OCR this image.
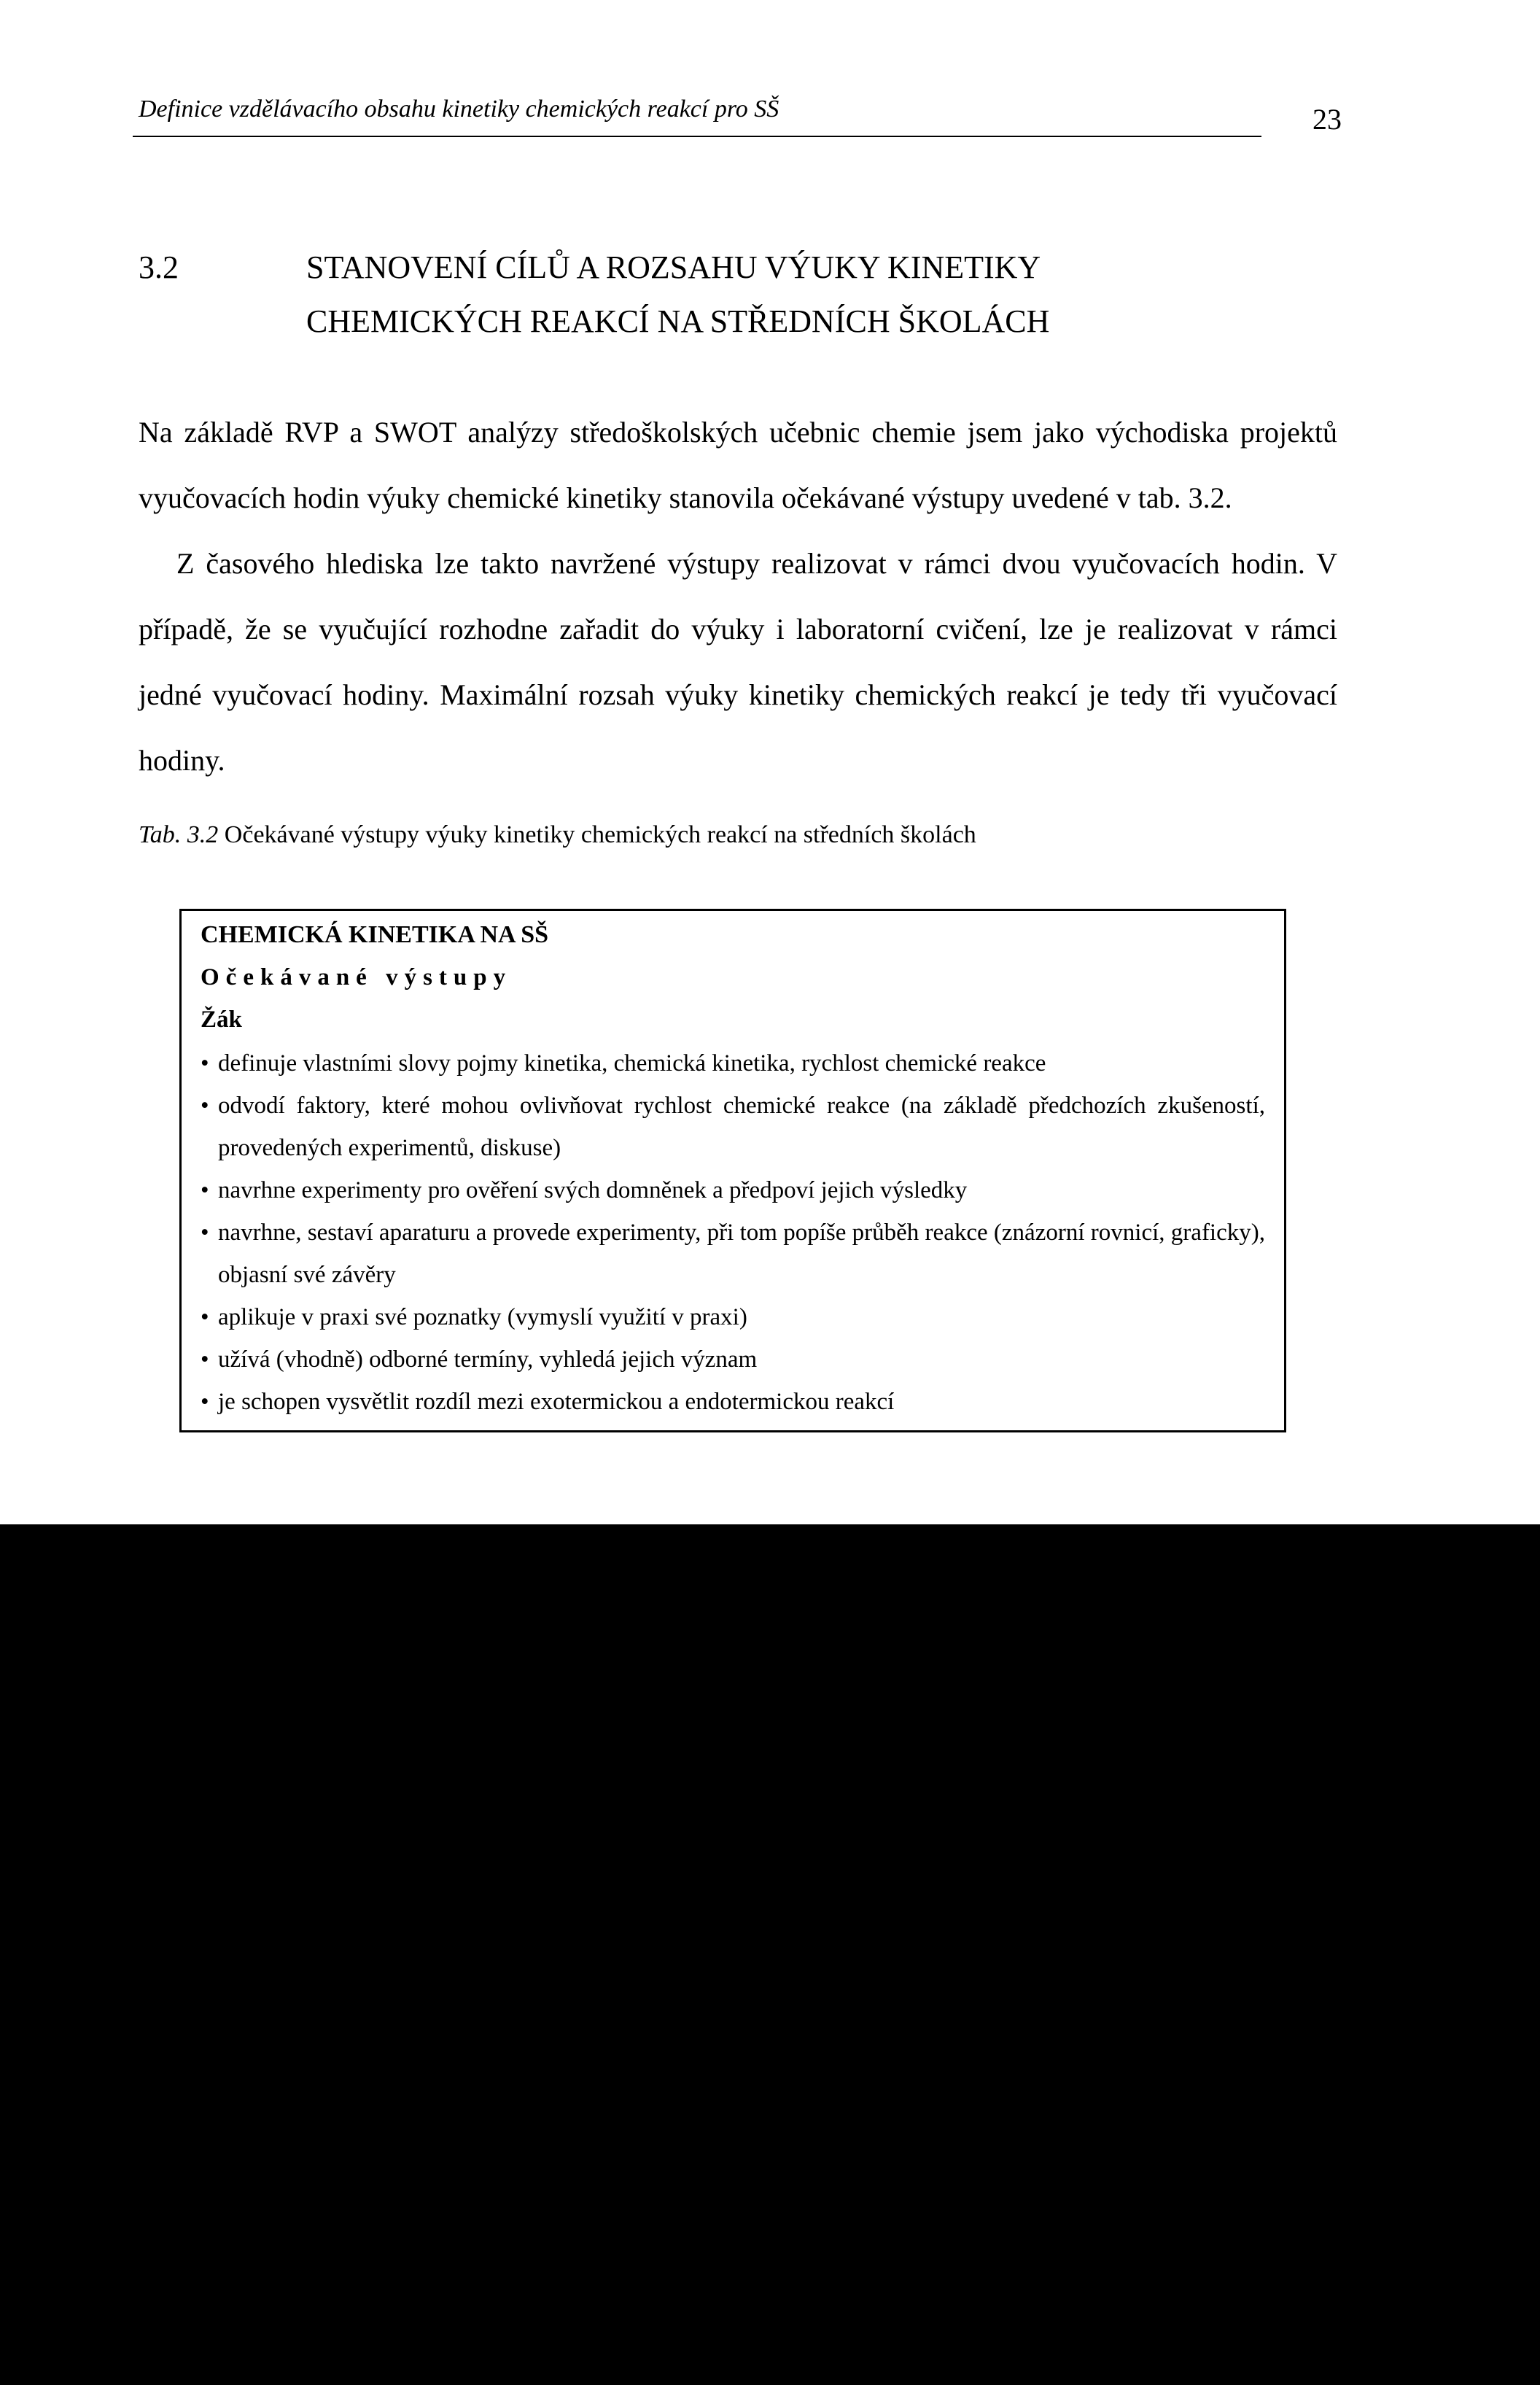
Definice vzdělávacího obsahu kinetiky chemických reakcí pro SŠ	23
3.2	STANOVENÍ CÍLŮ A ROZSAHU VÝUKY KINETIKY
CHEMICKÝCH REAKCÍ NA STŘEDNÍCH ŠKOLÁCH

Na základě RVP a SWOT analýzy středoškolských učebnic chemie jsem jako východiska projektů vyučovacích hodin výuky chemické kinetiky stanovila očekávané výstupy uvedené v tab. 3.2.

Z časového hlediska lze takto navržené výstupy realizovat v rámci dvou vyučovacích hodin. V případě, že se vyučující rozhodne zařadit do výuky i laboratorní cvičení, lze je realizovat v rámci jedné vyučovací hodiny. Maximální rozsah výuky kinetiky chemických reakcí je tedy tři vyučovací hodiny.

Tab. 3.2 Očekávané výstupy výuky kinetiky chemických reakcí na středních školách
CHEMICKÁ KINETIKA NA SŠ
Očekávané výstupy
Žák
• definuje vlastními slovy pojmy kinetika, chemická kinetika, rychlost chemické reakce
• odvodí faktory, které mohou ovlivňovat rychlost chemické reakce (na základě předchozích zkušeností, provedených experimentů, diskuse)
• navrhne experimenty pro ověření svých domněnek a předpoví jejich výsledky
• navrhne, sestaví aparaturu a provede experimenty, při tom popíše průběh reakce (znázorní rovnicí, graficky), objasní své závěry
• aplikuje v praxi své poznatky (vymyslí využití v praxi)
• užívá (vhodně) odborné termíny, vyhledá jejich význam
• je schopen vysvětlit rozdíl mezi exotermickou a endotermickou reakcí
